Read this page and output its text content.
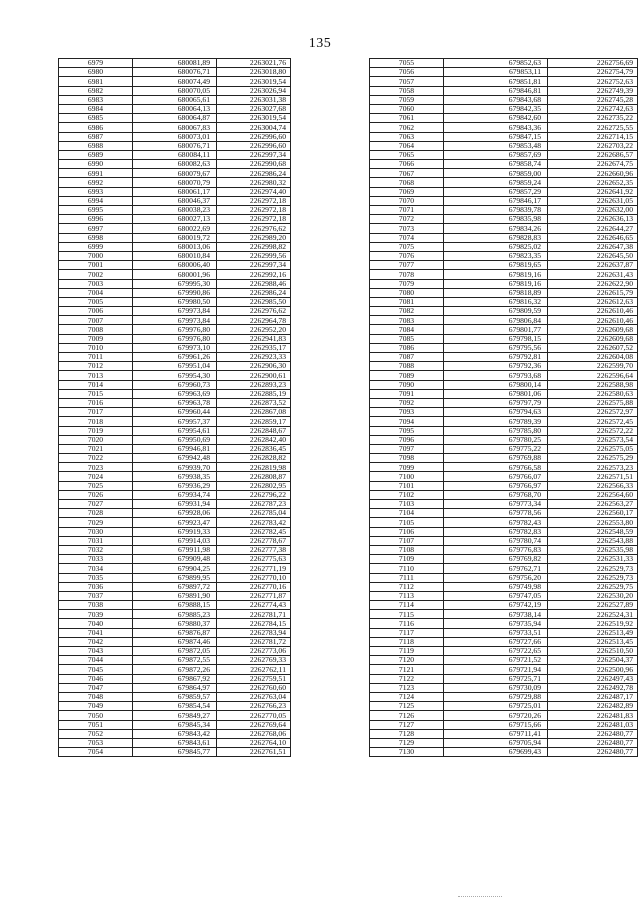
135
6979	680081,89	2263021,76
6980	680076,71	2263018,80
6981	680074,49	2263019,54
6982	680070,05	2263026,94
6983	680065,61	2263031,38
6984	680064,13	2263027,68
6985	680064,87	2263019,54
6986	680067,83	2263004,74
6987	680073,01	2262996,60
6988	680076,71	2262996,60
6989	680084,11	2262997,34
6990	680082,63	2262990,68
6991	680079,67	2262986,24
6992	680070,79	2262980,32
6993	680061,17	2262974,40
6994	680046,37	2262972,18
6995	680038,23	2262972,18
6996	680027,13	2262972,18
6997	680022,69	2262976,62
6998	680019,72	2262989,20
6999	680013,06	2262998,82
7000	680010,84	2262999,56
7001	680006,40	2262997,34
7002	680001,96	2262992,16
7003	679995,30	2262988,46
7004	679990,86	2262986,24
7005	679980,50	2262985,50
7006	679973,84	2262976,62
7007	679973,84	2262964,78
7008	679976,80	2262952,20
7009	679976,80	2262941,83
7010	679973,10	2262935,17
7011	679961,26	2262923,33
7012	679951,04	2262906,30
7013	679954,30	2262900,61
7014	679960,73	2262893,23
7015	679963,69	2262885,19
7016	679963,78	2262873,52
7017	679960,44	2262867,08
7018	679957,37	2262859,17
7019	679954,61	2262848,67
7020	679950,69	2262842,40
7021	679946,81	2262836,45
7022	679942,48	2262828,82
7023	679939,70	2262819,98
7024	679938,35	2262808,87
7025	679936,29	2262802,95
7026	679934,74	2262796,22
7027	679931,94	2262787,23
7028	679928,06	2262785,04
7029	679923,47	2262783,42
7030	679919,33	2262782,45
7031	679914,03	2262778,67
7032	679911,98	2262777,38
7033	679909,48	2262775,63
7034	679904,25	2262771,19
7035	679899,95	2262770,10
7036	679897,72	2262770,16
7037	679891,90	2262771,87
7038	679888,15	2262774,43
7039	679885,23	2262781,71
7040	679880,37	2262784,15
7041	679876,87	2262783,94
7042	679874,46	2262781,72
7043	679872,05	2262773,06
7044	679872,55	2262769,33
7045	679872,26	2262762,11
7046	679867,92	2262759,51
7047	679864,97	2262760,60
7048	679859,57	2262763,04
7049	679854,54	2262766,23
7050	679849,27	2262770,05
7051	679845,34	2262769,64
7052	679843,42	2262768,06
7053	679843,61	2262764,10
7054	679845,77	2262761,51
7055	679852,63	2262756,69
7056	679853,11	2262754,79
7057	679851,81	2262752,63
7058	679846,81	2262749,39
7059	679843,68	2262745,28
7060	679842,35	2262742,63
7061	679842,60	2262735,22
7062	679843,36	2262725,55
7063	679847,15	2262714,15
7064	679853,48	2262703,22
7065	679857,69	2262686,57
7066	679858,74	2262674,75
7067	679859,00	2262660,96
7068	679859,24	2262652,35
7069	679857,29	2262641,92
7070	679846,17	2262631,05
7071	679839,78	2262632,00
7072	679835,98	2262636,13
7073	679834,26	2262644,27
7074	679828,83	2262646,65
7075	679825,02	2262647,38
7076	679823,35	2262645,50
7077	679819,65	2262637,87
7078	679819,16	2262631,43
7079	679819,16	2262622,90
7080	679818,89	2262615,79
7081	679816,32	2262612,63
7082	679809,59	2262610,46
7083	679806,84	2262610,46
7084	679801,77	2262609,68
7085	679798,15	2262609,68
7086	679795,56	2262607,52
7087	679792,81	2262604,08
7088	679792,36	2262599,70
7089	679793,68	2262596,64
7090	679800,14	2262588,98
7091	679801,06	2262580,63
7092	679797,79	2262575,88
7093	679794,63	2262572,97
7094	679789,39	2262572,45
7095	679785,80	2262572,22
7096	679780,25	2262573,54
7097	679775,22	2262575,05
7098	679769,88	2262575,29
7099	679766,58	2262573,23
7100	679766,07	2262571,51
7101	679766,97	2262566,33
7102	679768,70	2262564,60
7103	679773,34	2262563,27
7104	679778,56	2262560,17
7105	679782,43	2262553,80
7106	679782,83	2262548,59
7107	679780,74	2262543,88
7108	679776,83	2262535,98
7109	679769,82	2262531,33
7110	679762,71	2262529,73
7111	679756,20	2262529,73
7112	679749,98	2262529,75
7113	679747,05	2262530,20
7114	679742,19	2262527,89
7115	679738,14	2262524,31
7116	679735,94	2262519,92
7117	679733,51	2262513,49
7118	679727,66	2262513,45
7119	679722,65	2262510,50
7120	679721,52	2262504,37
7121	679721,94	2262500,96
7122	679725,71	2262497,43
7123	679730,09	2262492,78
7124	679729,88	2262487,17
7125	679725,01	2262482,89
7126	679720,26	2262481,83
7127	679715,66	2262481,03
7128	679711,41	2262480,77
7129	679705,94	2262480,77
7130	679699,43	2262480,77
